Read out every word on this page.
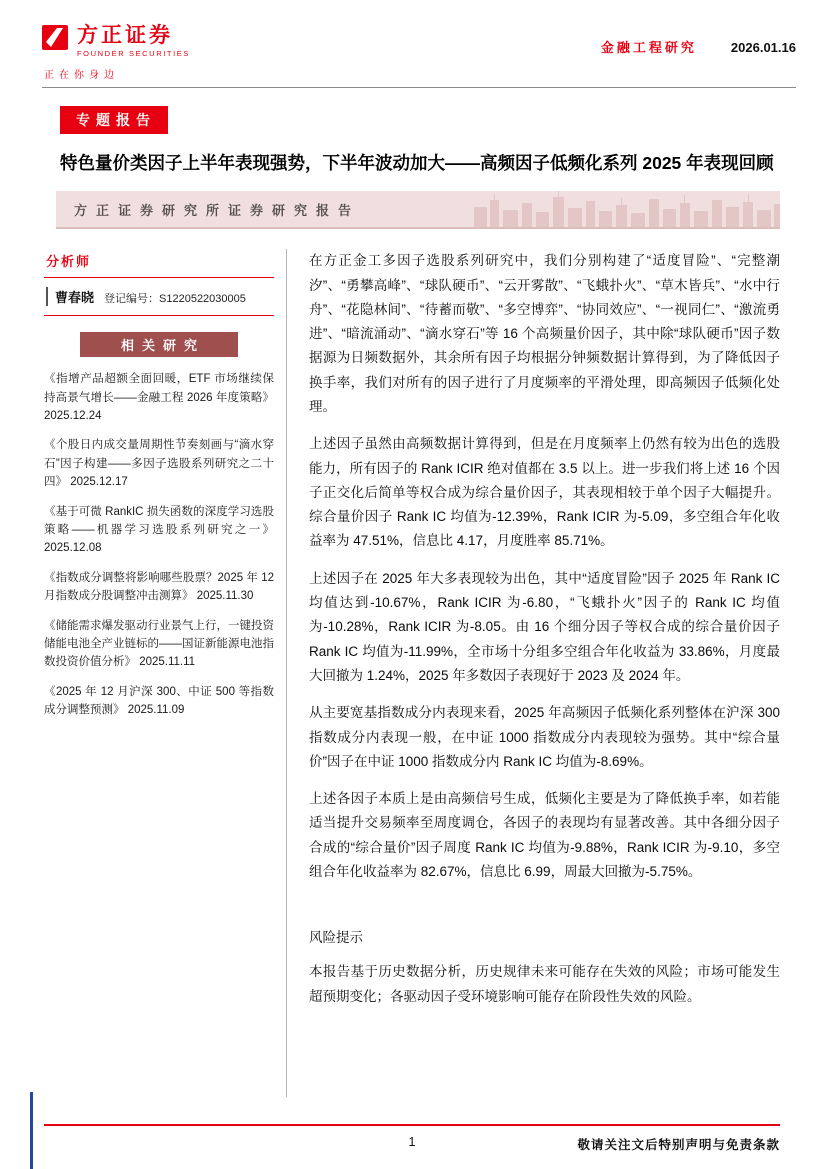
方正证券
FOUNDER SECURITIES	金融工程研究	2026.01.16
正在你身边
专题报告
特色量价类因子上半年表现强势，下半年波动加大——高频因子低频化系列 2025 年表现回顾
方正证券研究所证券研究报告
分析师
曹春晓 登记编号：S1220522030005
相关研究
《指增产品超额全面回暖，ETF 市场继续保持高景气增长——金融工程 2026 年度策略》 2025.12.24
《个股日内成交量周期性节奏刻画与“滴水穿石”因子构建——多因子选股系列研究之二十四》 2025.12.17
《基于可微 RankIC 损失函数的深度学习选股策略——机器学习选股系列研究之一》 2025.12.08
《指数成分调整将影响哪些股票？2025 年 12 月指数成分股调整冲击测算》 2025.11.30
《储能需求爆发驱动行业景气上行，一键投资储能电池全产业链标的——国证新能源电池指数投资价值分析》 2025.11.11
《2025 年 12 月沪深 300、中证 500 等指数成分调整预测》 2025.11.09

在方正金工多因子选股系列研究中，我们分别构建了“适度冒险”、“完整潮汐”、“勇攀高峰”、“球队硬币”、“云开雾散”、“飞蛾扑火”、“草木皆兵”、“水中行舟”、“花隐林间”、“待蓄而敬”、“多空博弈”、“协同效应”、“一视同仁”、“激流勇进”、“暗流涌动”、“滴水穿石”等 16 个高频量价因子，其中除“球队硬币”因子数据源为日频数据外，其余所有因子均根据分钟频数据计算得到，为了降低因子换手率，我们对所有的因子进行了月度频率的平滑处理，即高频因子低频化处理。

上述因子虽然由高频数据计算得到，但是在月度频率上仍然有较为出色的选股能力，所有因子的 Rank ICIR 绝对值都在 3.5 以上。进一步我们将上述 16 个因子正交化后简单等权合成为综合量价因子，其表现相较于单个因子大幅提升。综合量价因子 Rank IC 均值为-12.39%，Rank ICIR 为-5.09，多空组合年化收益率为 47.51%，信息比 4.17，月度胜率 85.71%。

上述因子在 2025 年大多表现较为出色，其中“适度冒险”因子 2025 年 Rank IC 均值达到-10.67%，Rank ICIR 为-6.80，“飞蛾扑火”因子的 Rank IC 均值为-10.28%，Rank ICIR 为-8.05。由 16 个细分因子等权合成的综合量价因子 Rank IC 均值为-11.99%，全市场十分组多空组合年化收益为 33.86%，月度最大回撤为 1.24%，2025 年多数因子表现好于 2023 及 2024 年。

从主要宽基指数成分内表现来看，2025 年高频因子低频化系列整体在沪深 300 指数成分内表现一般，在中证 1000 指数成分内表现较为强势。其中“综合量价”因子在中证 1000 指数成分内 Rank IC 均值为-8.69%。

上述各因子本质上是由高频信号生成，低频化主要是为了降低换手率，如若能适当提升交易频率至周度调仓，各因子的表现均有显著改善。其中各细分因子合成的“综合量价”因子周度 Rank IC 均值为-9.88%，Rank ICIR 为-9.10，多空组合年化收益率为 82.67%，信息比 6.99，周最大回撤为-5.75%。

风险提示

本报告基于历史数据分析，历史规律未来可能存在失效的风险；市场可能发生超预期变化；各驱动因子受环境影响可能存在阶段性失效的风险。

1	敬请关注文后特别声明与免责条款
